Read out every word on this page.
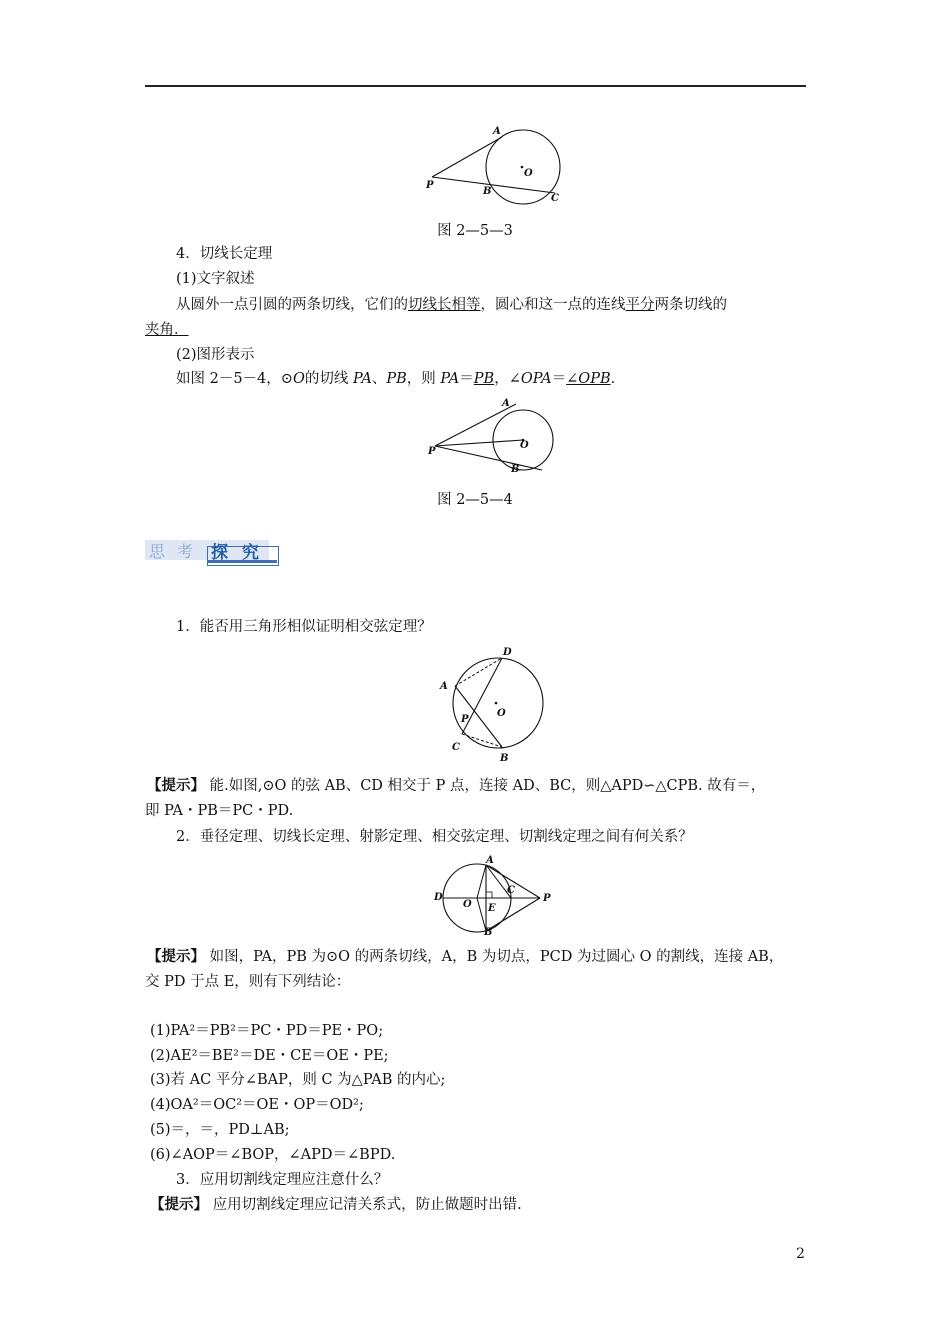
A
O
P
B
C
图 2—5—3
4．切线长定理
(1)文字叙述
从圆外一点引圆的两条切线，它们的切线长相等，圆心和这一点的连线平分两条切线的
夹角．
(2)图形表示
如图 2－5－4，⊙O的切线 PA、PB，则 PA＝PB，∠OPA＝∠OPB.
A
O
P
B
图 2—5—4
思 考 探 究
1．能否用三角形相似证明相交弦定理？
D
A
O
P
C
B
【提示】 能.如图,⊙O 的弦 AB、CD 相交于 P 点，连接 AD、BC，则△APD∽△CPB. 故有＝，
即 PA・PB＝PC・PD.
2．垂径定理、切线长定理、射影定理、相交弦定理、切割线定理之间有何关系？
A
D
O E
C
P
B
【提示】 如图，PA，PB 为⊙O 的两条切线，A，B 为切点，PCD 为过圆心 O 的割线，连接 AB，
交 PD 于点 E，则有下列结论：
(1)PA²＝PB²＝PC・PD＝PE・PO;
(2)AE²＝BE²＝DE・CE＝OE・PE;
(3)若 AC 平分∠BAP，则 C 为△PAB 的内心;
(4)OA²＝OC²＝OE・OP＝OD²;
(5)＝，＝，PD⊥AB;
(6)∠AOP＝∠BOP，∠APD＝∠BPD.
3．应用切割线定理应注意什么？
【提示】 应用切割线定理应记清关系式，防止做题时出错.
2
